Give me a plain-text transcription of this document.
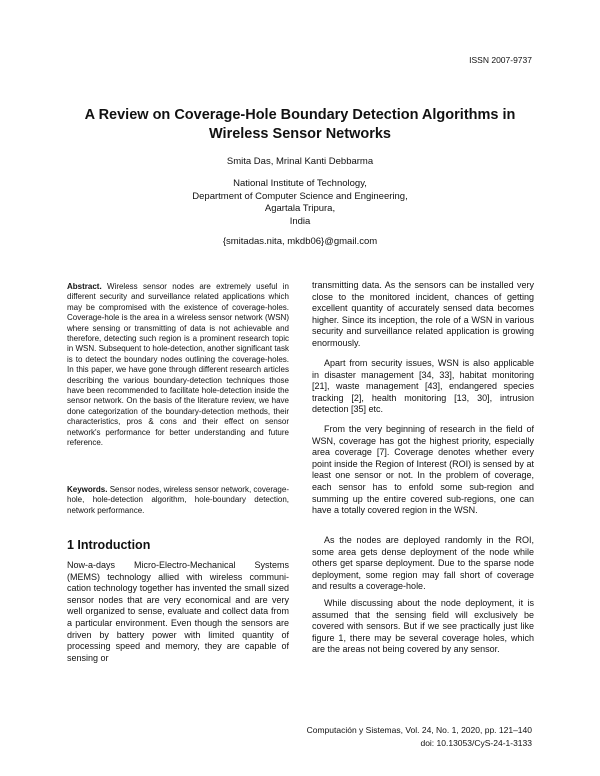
ISSN 2007-9737
A Review on Coverage-Hole Boundary Detection Algorithms in
Wireless Sensor Networks
Smita Das, Mrinal Kanti Debbarma
National Institute of Technology,
Department of Computer Science and Engineering,
Agartala Tripura,
India
{smitadas.nita, mkdb06}@gmail.com

Abstract. Wireless sensor nodes are extremely useful in different security and surveillance related applications which may be compromised with the existence of coverage-holes. Coverage-hole is the area in a wireless sensor network (WSN) where sensing or transmitting of data is not achievable and therefore, detecting such region is a prominent research topic in WSN. Subsequent to hole-detection, another significant task is to detect the boundary nodes outlining the coverage-holes. In this paper, we have gone through different research articles describing the various boundary-detection techniques those have been recommended to facilitate hole-detection inside the sensor network. On the basis of the literature review, we have done categorization of the boundary-detection methods, their characteristics, pros & cons and their effect on sensor network's performance for better understanding and future reference.

Keywords. Sensor nodes, wireless sensor network, coverage-hole, hole-detection algorithm, hole-boundary detection, network performance.

1 Introduction

Now-a-days Micro-Electro-Mechanical Systems (MEMS) technology allied with wireless communi-cation technology together has invented the small sized sensor nodes that are very economical and are very well organized to sense, evaluate and collect data from a particular environment. Even though the sensors are driven by battery power with limited quantity of processing speed and memory, they are capable of sensing or

transmitting data. As the sensors can be installed very close to the monitored incident, chances of getting excellent quantity of accurately sensed data becomes higher. Since its inception, the role of a WSN in various security and surveillance related application is growing enormously.

Apart from security issues, WSN is also applicable in disaster management [34, 33], habitat monitoring [21], waste management [43], endangered species tracking [2], health monitoring [13, 30], intrusion detection [35] etc.

From the very beginning of research in the field of WSN, coverage has got the highest priority, especially area coverage [7]. Coverage denotes whether every point inside the Region of Interest (ROI) is sensed by at least one sensor or not. In the problem of coverage, each sensor has to enfold some sub-region and summing up the entire covered sub-regions, one can have a totally covered region in the WSN.

As the nodes are deployed randomly in the ROI, some area gets dense deployment of the node while others get sparse deployment. Due to the sparse node deployment, some region may fall short of coverage and results a coverage-hole.

While discussing about the node deployment, it is assumed that the sensing field will exclusively be covered with sensors. But if we see practically just like figure 1, there may be several coverage holes, which are the areas not being covered by any sensor.

Computación y Sistemas, Vol. 24, No. 1, 2020, pp. 121–140
doi: 10.13053/CyS-24-1-3133
